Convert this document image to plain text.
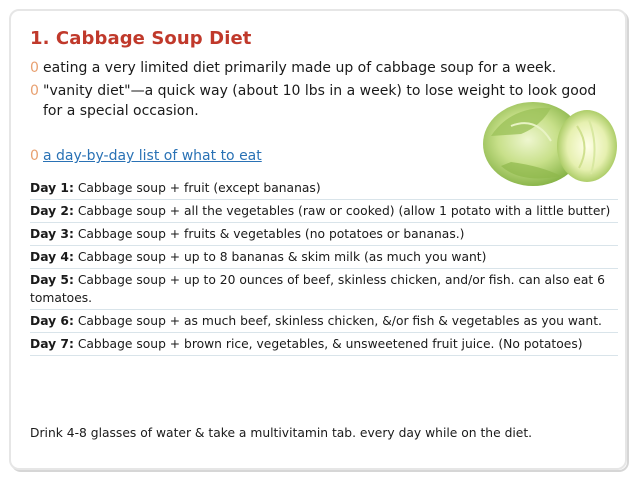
1. Cabbage Soup Diet
0 eating a very limited diet primarily made up of cabbage soup for a week.
0 "vanity diet"—a quick way (about 10 lbs in a week) to lose weight to look good
for a special occasion.
0 a day-by-day list of what to eat
Day 1: Cabbage soup + fruit (except bananas)
Day 2: Cabbage soup + all the vegetables (raw or cooked) (allow 1 potato with a little butter)
Day 3: Cabbage soup + fruits & vegetables (no potatoes or bananas.)
Day 4: Cabbage soup + up to 8 bananas & skim milk (as much you want)
Day 5: Cabbage soup + up to 20 ounces of beef, skinless chicken, and/or fish. can also eat 6 tomatoes.
Day 6: Cabbage soup + as much beef, skinless chicken, &/or fish & vegetables as you want.
Day 7: Cabbage soup + brown rice, vegetables, & unsweetened fruit juice. (No potatoes)
Drink 4-8 glasses of water & take a multivitamin tab. every day while on the diet.
